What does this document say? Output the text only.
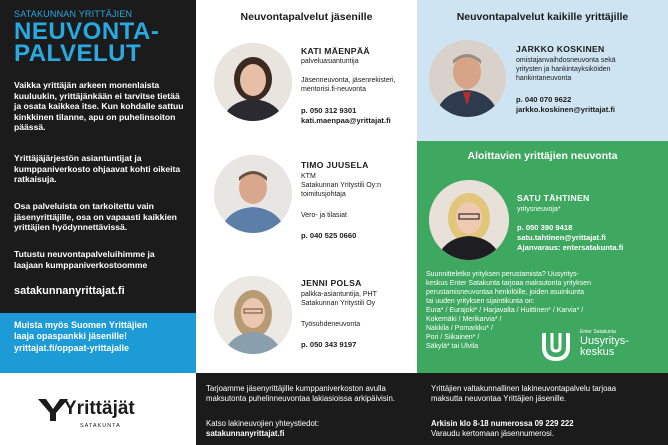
SATAKUNNAN YRITTÄJIEN
NEUVONTA-
PALVELUT
Vaikka yrittäjän arkeen monenlaista kuuluukin, yrittäjänkään ei tarvitse tietää ja osata kaikkea itse. Kun kohdalle sattuu kinkkinen tilanne, apu on puhelinsoiton päässä.
Yrittäjäjärjestön asiantuntijat ja kumppaniverkosto ohjaavat kohti oikeita ratkaisuja.
Osa palveluista on tarkoitettu vain jäsenyrittäjille, osa on vapaasti kaikkien yrittäjien hyödynnettävissä.
Tutustu neuvontapalveluihimme ja laajaan kumppaniverkostoomme
satakunnanyrittajat.fi
Muista myös Suomen Yrittäjien
laaja opaspankki jäsenille!
yrittajat.fi/oppaat-yrittajalle
Neuvontapalvelut jäsenille
KATI MÄENPÄÄ
palveluasiantuntija
Jäsenneuvonta, jäsenrekisteri,
mentorisi.fi-neuvonta
p. 050 312 9301
kati.maenpaa@yrittajat.fi
TIMO JUUSELA
KTM
Satakunnan Yritystili Oy:n
toimitusjohtaja
Vero- ja tilasiat
p. 040 525 0660
JENNI POLSA
palkka-asiantuntija, PHT
Satakunnan Yritystili Oy
Työsuhdeneuvonta
p. 050 343 9197
Neuvontapalvelut kaikille yrittäjille
JARKKO KOSKINEN
omistajanvaihdosneuvonta sekä
yritysten ja hankintayksiköiden
hankintaneuvonta
p. 040 070 9622
jarkko.koskinen@yrittajat.fi
Aloittavien yrittäjien neuvonta
SATU TÄHTINEN
yritysneuvoja*
p. 050 390 9418
satu.tahtinen@yrittajat.fi
Ajanvaraus: entersatakunta.fi
Suunnitteletko yrityksen perustamista? Uusyritys-
keskus Enter Satakunta tarjoaa maksutonta yrityksen
perustamisneuvontaa henkilöille, joiden asuinkunta
tai uuden yrityksen sijaintikunta on:
Eura* / Eurajoki* / Harjavalta / Huittinen* / Karvia* /
Kokemäki / Merikarvia* /
Nakkila / Pomarkku* /
Pori / Siikainen* /
Säkylä* tai Ulvila
Enter Satakunta
Uusyritys-
keskus
Yrittäjät
SATAKUNTA
Tarjoamme jäsenyrittäjille kumppaniverkoston avulla
maksutonta puhelinneuvontaa lakiasioissa arkipäivisin.
Katso lakineuvojien yhteystiedot:
satakunnanyrittajat.fi
Yrittäjien valtakunnallinen lakineuvontapalvelu tarjoaa
maksutta neuvontaa Yrittäjien jäsenille.
Arkisin klo 8-18 numerossa 09 229 222
Varaudu kertomaan jäsennumerosi.
